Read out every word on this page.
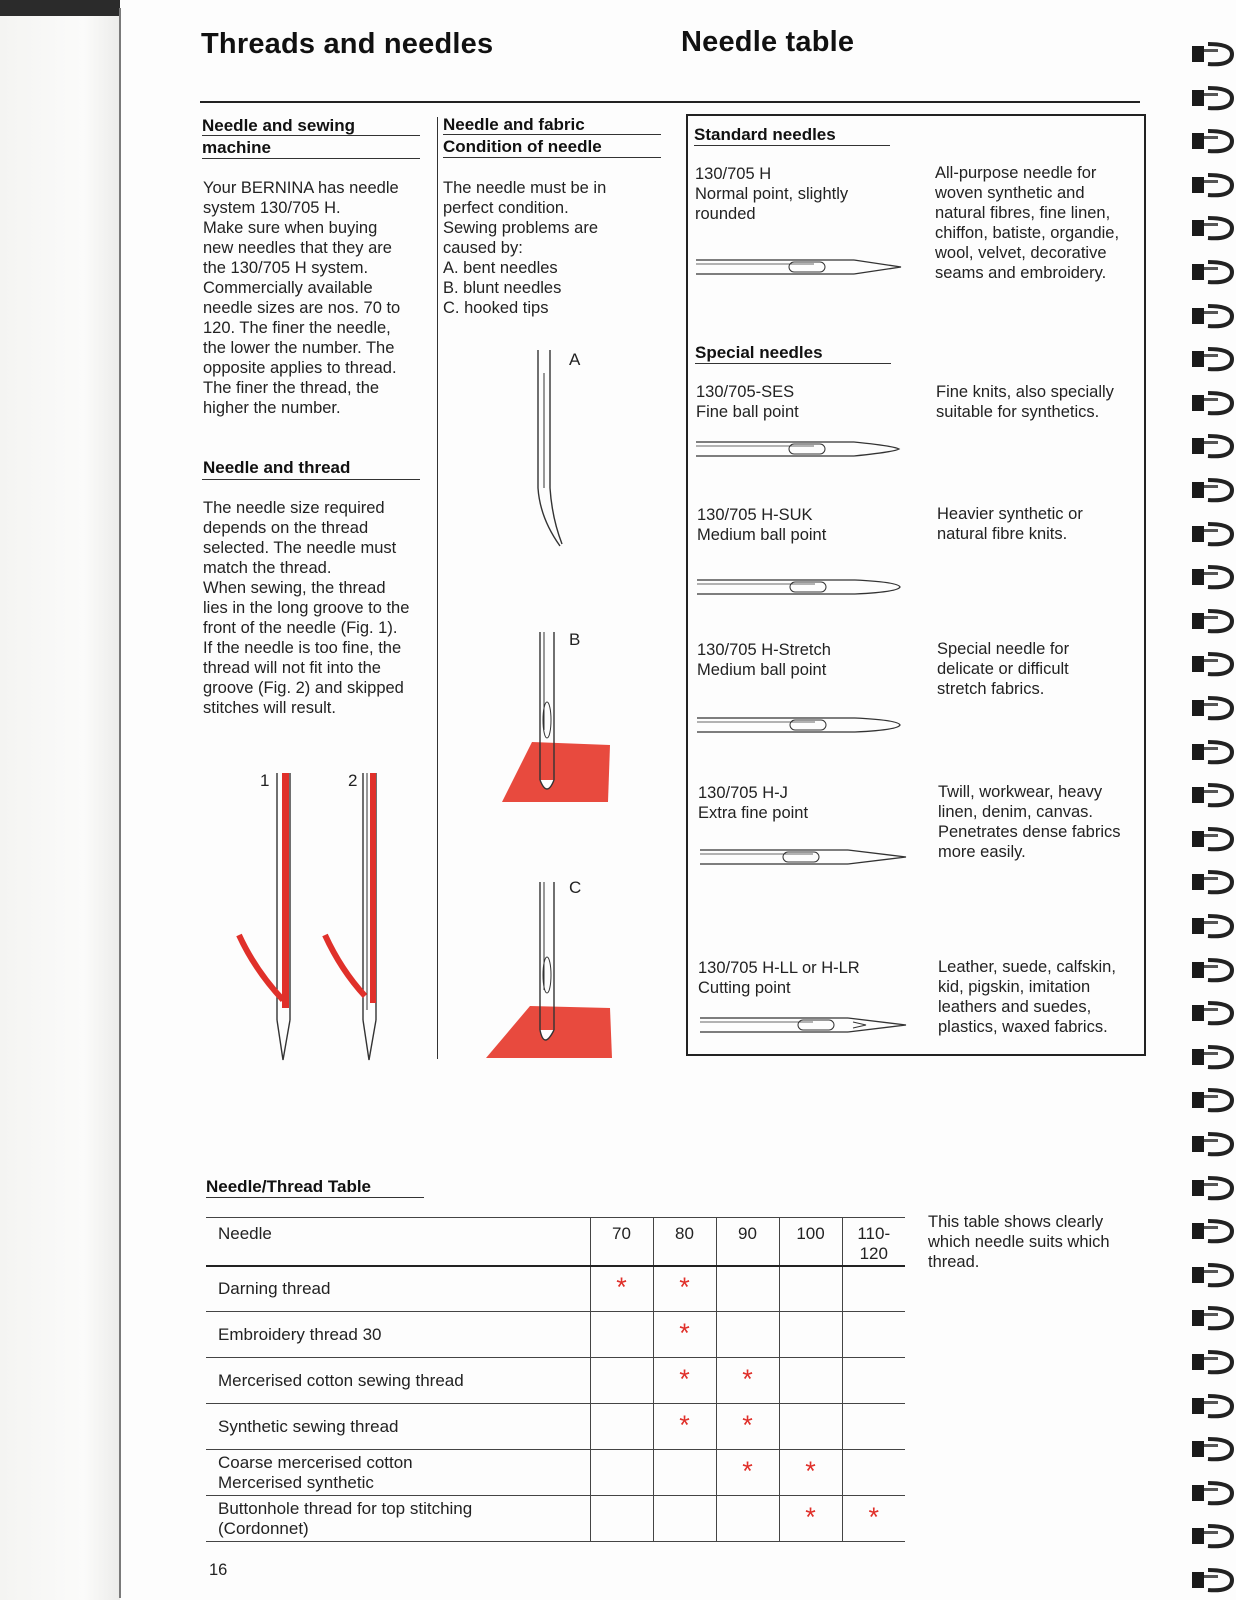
Threads and needles	Needle table
Needle and sewing
machine
Your BERNINA has needle
system 130/705 H.
Make sure when buying
new needles that they are
the 130/705 H system.
Commercially available
needle sizes are nos. 70 to
120. The finer the needle,
the lower the number. The
opposite applies to thread.
The finer the thread, the
higher the number.
Needle and thread
The needle size required
depends on the thread
selected. The needle must
match the thread.
When sewing, the thread
lies in the long groove to the
front of the needle (Fig. 1).
If the needle is too fine, the
thread will not fit into the
groove (Fig. 2) and skipped
stitches will result.
1	2
Needle and fabric
Condition of needle
The needle must be in
perfect condition.
Sewing problems are
caused by:
A. bent needles
B. blunt needles
C. hooked tips
A
B
C
Standard needles
Special needles
130/705 H
Normal point, slightly
rounded
All-purpose needle for
woven synthetic and
natural fibres, fine linen,
chiffon, batiste, organdie,
wool, velvet, decorative
seams and embroidery.
130/705-SES
Fine ball point
Fine knits, also specially
suitable for synthetics.
130/705 H-SUK
Medium ball point
Heavier synthetic or
natural fibre knits.
130/705 H-Stretch
Medium ball point
Special needle for
delicate or difficult
stretch fabrics.
130/705 H-J
Extra fine point
Twill, workwear, heavy
linen, denim, canvas.
Penetrates dense fabrics
more easily.
130/705 H-LL or H-LR
Cutting point
Leather, suede, calfskin,
kid, pigskin, imitation
leathers and suedes,
plastics, waxed fabrics.
Needle/Thread Table
This table shows clearly
which needle suits which
thread.
Needle	70	80	90	100	110-
120
Darning thread	*	*			
Embroidery thread 30		*			
Mercerised cotton sewing thread		*	*		
Synthetic sewing thread		*	*		
Coarse mercerised cotton
Mercerised synthetic			*	*	
Buttonhole thread for top stitching
(Cordonnet)				*	*
16
